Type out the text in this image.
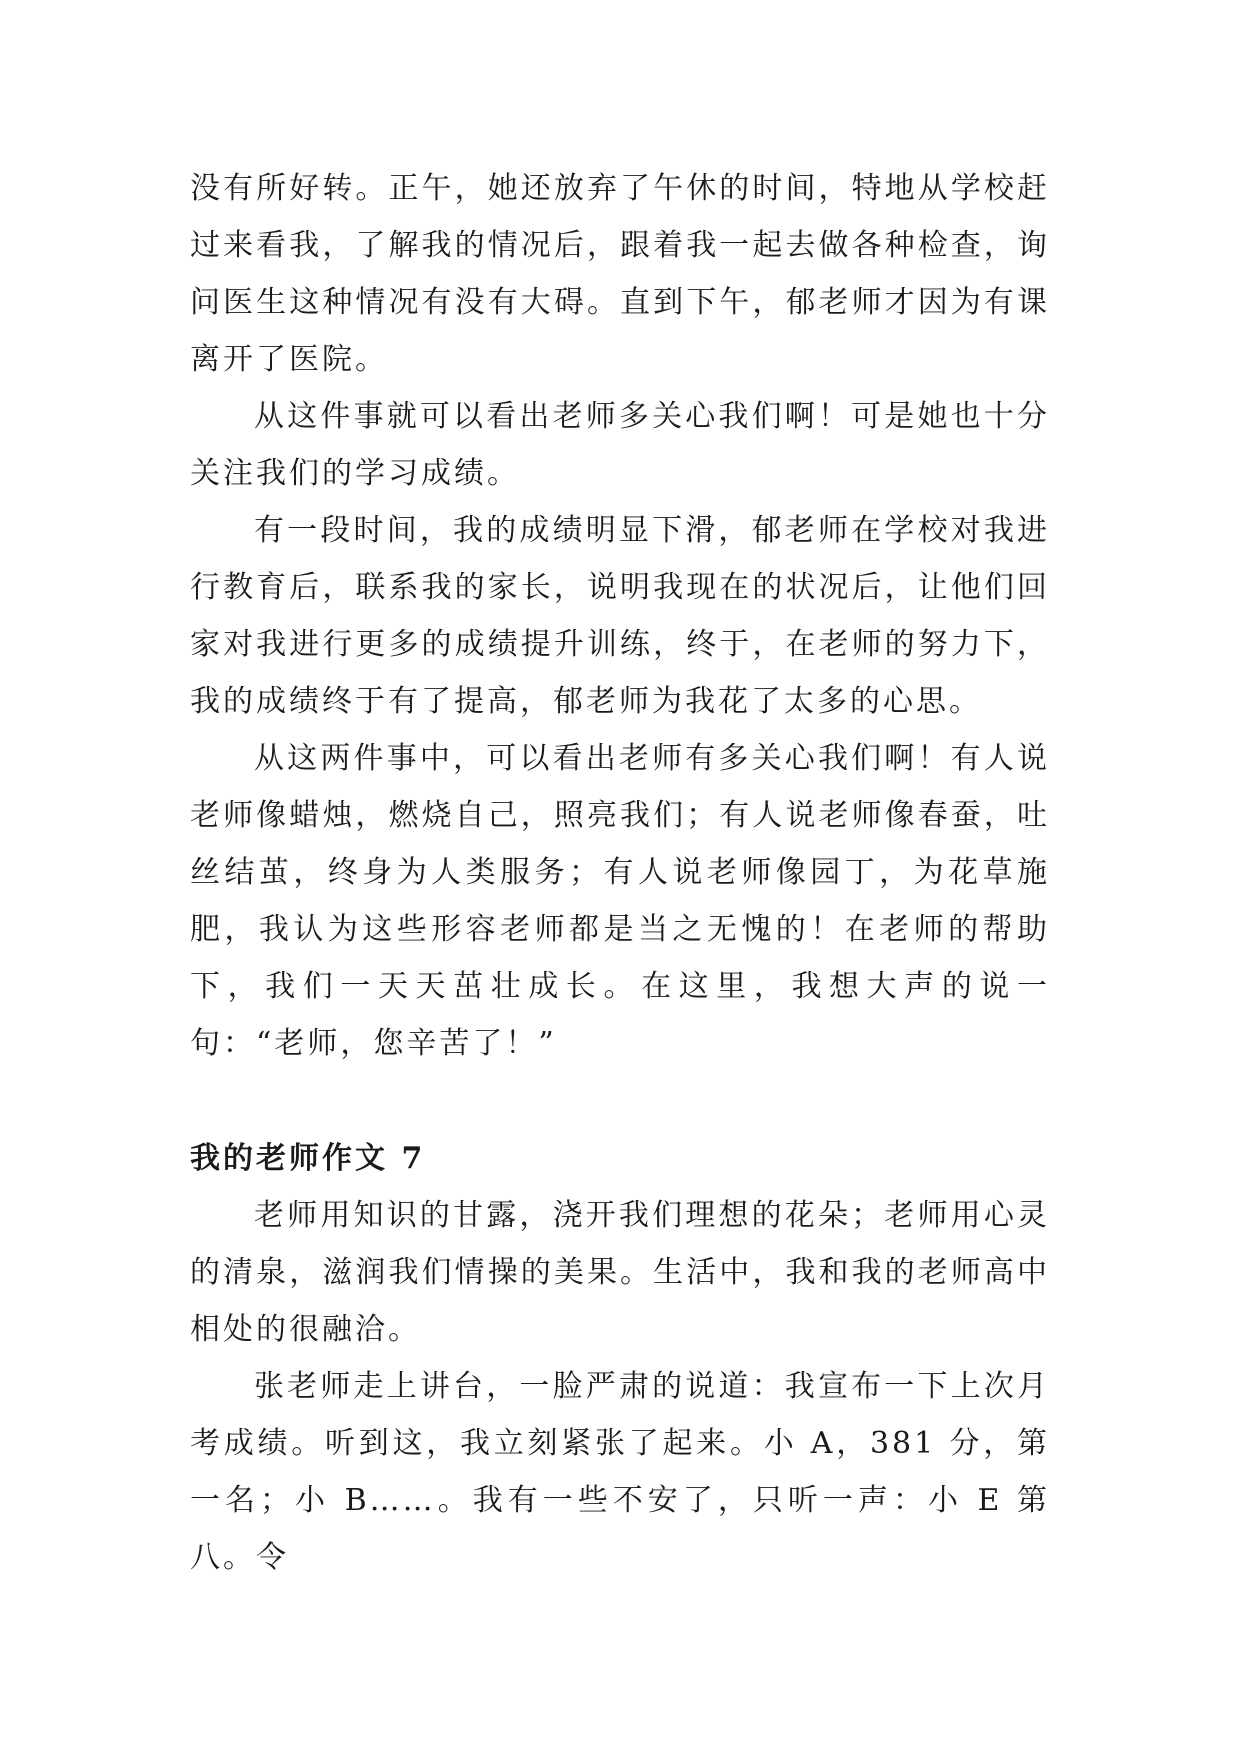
没有所好转。正午，她还放弃了午休的时间，特地从学校赶过来看我，了解我的情况后，跟着我一起去做各种检查，询问医生这种情况有没有大碍。直到下午，郁老师才因为有课离开了医院。

从这件事就可以看出老师多关心我们啊！可是她也十分关注我们的学习成绩。

有一段时间，我的成绩明显下滑，郁老师在学校对我进行教育后，联系我的家长，说明我现在的状况后，让他们回家对我进行更多的成绩提升训练，终于，在老师的努力下，我的成绩终于有了提高，郁老师为我花了太多的心思。

从这两件事中，可以看出老师有多关心我们啊！有人说老师像蜡烛，燃烧自己，照亮我们；有人说老师像春蚕，吐丝结茧，终身为人类服务；有人说老师像园丁，为花草施肥，我认为这些形容老师都是当之无愧的！在老师的帮助下，我们一天天茁壮成长。在这里，我想大声的说一句：“老师，您辛苦了！”

我的老师作文 7

老师用知识的甘露，浇开我们理想的花朵；老师用心灵的清泉，滋润我们情操的美果。生活中，我和我的老师高中相处的很融洽。

张老师走上讲台，一脸严肃的说道：我宣布一下上次月考成绩。听到这，我立刻紧张了起来。小 A，381 分，第一名；小 B……。我有一些不安了，只听一声：小 E 第八。令
